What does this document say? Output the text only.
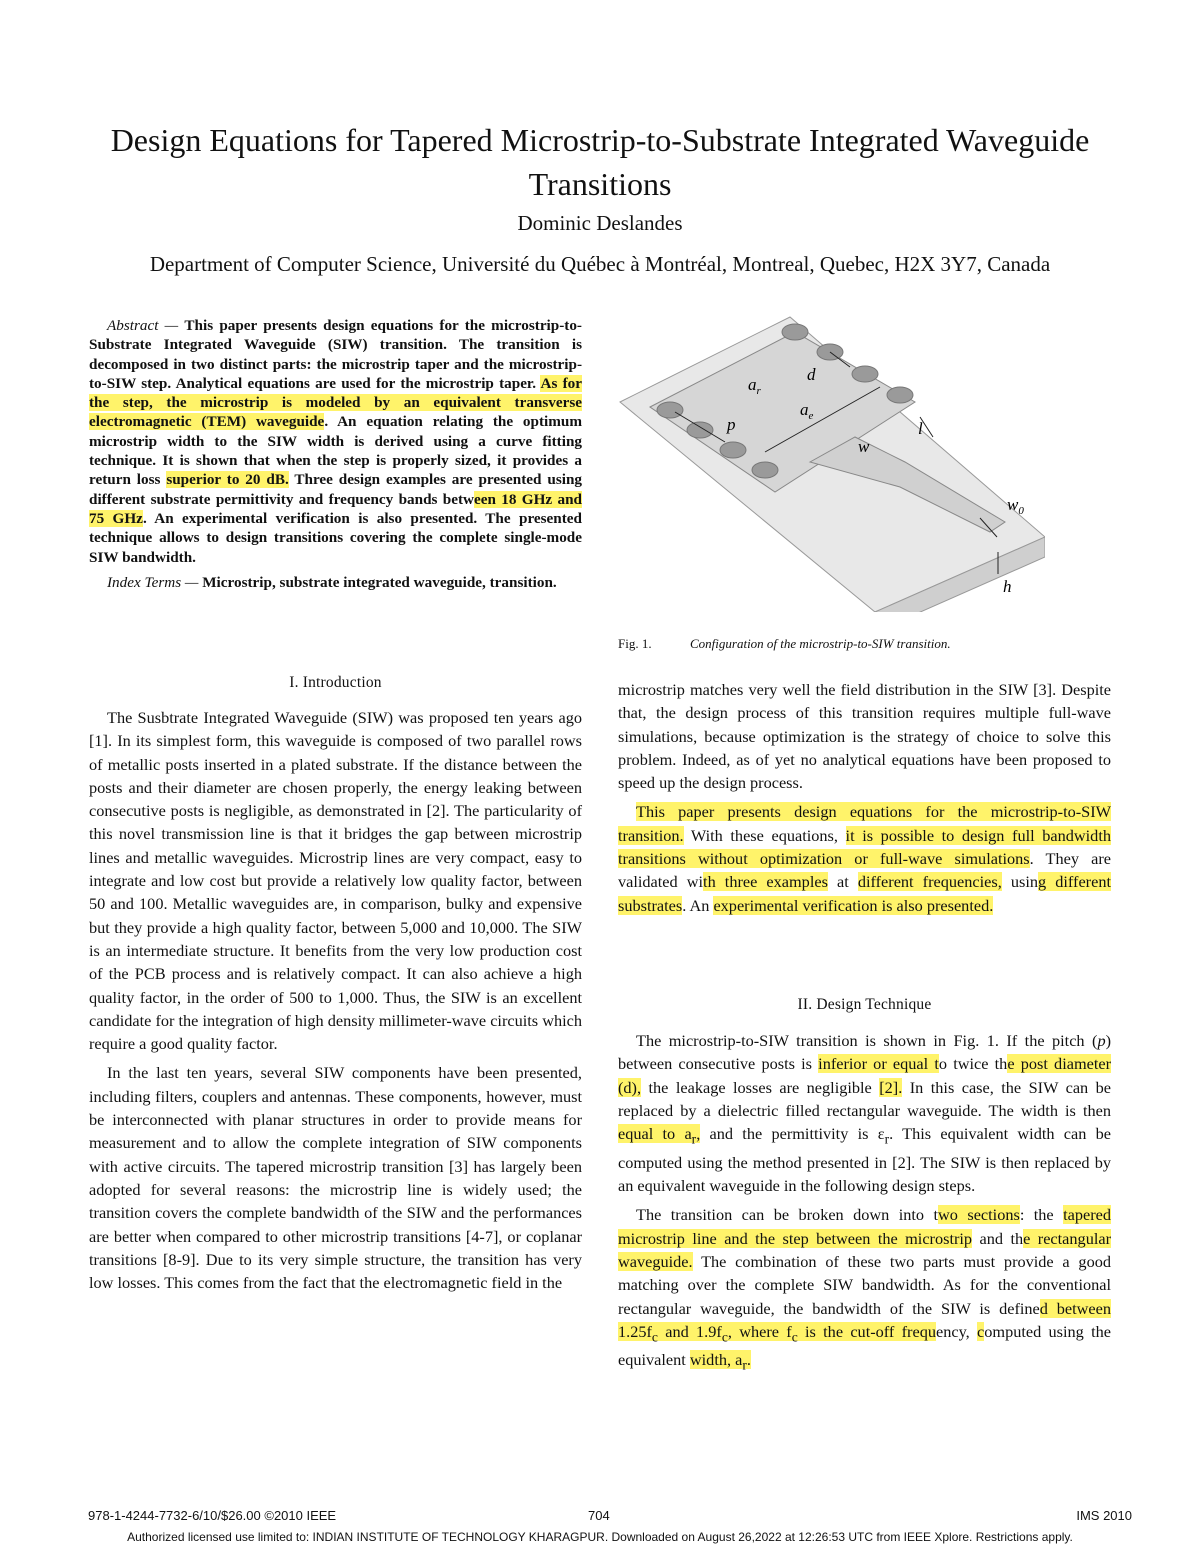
Design Equations for Tapered Microstrip-to-Substrate Integrated Waveguide Transitions
Dominic Deslandes
Department of Computer Science, Université du Québec à Montréal, Montreal, Quebec, H2X 3Y7, Canada

Abstract — This paper presents design equations for the microstrip-to-Substrate Integrated Waveguide (SIW) transition. The transition is decomposed in two distinct parts: the microstrip taper and the microstrip-to-SIW step. Analytical equations are used for the microstrip taper. As for the step, the microstrip is modeled by an equivalent transverse electromagnetic (TEM) waveguide. An equation relating the optimum microstrip width to the SIW width is derived using a curve fitting technique. It is shown that when the step is properly sized, it provides a return loss superior to 20 dB. Three design examples are presented using different substrate permittivity and frequency bands between 18 GHz and 75 GHz. An experimental verification is also presented. The presented technique allows to design transitions covering the complete single-mode SIW bandwidth.

Index Terms — Microstrip, substrate integrated waveguide, transition.

I. Introduction

The Susbtrate Integrated Waveguide (SIW) was proposed ten years ago [1]. In its simplest form, this waveguide is composed of two parallel rows of metallic posts inserted in a plated substrate. If the distance between the posts and their diameter are chosen properly, the energy leaking between consecutive posts is negligible, as demonstrated in [2]. The particularity of this novel transmission line is that it bridges the gap between microstrip lines and metallic waveguides. Microstrip lines are very compact, easy to integrate and low cost but provide a relatively low quality factor, between 50 and 100. Metallic waveguides are, in comparison, bulky and expensive but they provide a high quality factor, between 5,000 and 10,000. The SIW is an intermediate structure. It benefits from the very low production cost of the PCB process and is relatively compact. It can also achieve a high quality factor, in the order of 500 to 1,000. Thus, the SIW is an excellent candidate for the integration of high density millimeter-wave circuits which require a good quality factor.

In the last ten years, several SIW components have been presented, including filters, couplers and antennas. These components, however, must be interconnected with planar structures in order to provide means for measurement and to allow the complete integration of SIW components with active circuits. The tapered microstrip transition [3] has largely been adopted for several reasons: the microstrip line is widely used; the transition covers the complete bandwidth of the SIW and the performances are better when compared to other microstrip transitions [4-7], or coplanar transitions [8-9]. Due to its very simple structure, the transition has very low losses. This comes from the fact that the electromagnetic field in the

$a_r$
d
$a_e$
p	l
w
$w_0$
h
Fig. 1.	Configuration of the microstrip-to-SIW transition.

microstrip matches very well the field distribution in the SIW [3]. Despite that, the design process of this transition requires multiple full-wave simulations, because optimization is the strategy of choice to solve this problem. Indeed, as of yet no analytical equations have been proposed to speed up the design process.

This paper presents design equations for the microstrip-to-SIW transition. With these equations, it is possible to design full bandwidth transitions without optimization or full-wave simulations. They are validated with three examples at different frequencies, using different substrates. An experimental verification is also presented.

II. Design Technique

The microstrip-to-SIW transition is shown in Fig. 1. If the pitch (p) between consecutive posts is inferior or equal to twice the post diameter (d), the leakage losses are negligible [2]. In this case, the SIW can be replaced by a dielectric filled rectangular waveguide. The width is then equal to $a_r$, and the permittivity is $\varepsilon_r$. This equivalent width can be computed using the method presented in [2]. The SIW is then replaced by an equivalent waveguide in the following design steps.

The transition can be broken down into two sections: the tapered microstrip line and the step between the microstrip and the rectangular waveguide. The combination of these two parts must provide a good matching over the complete SIW bandwidth. As for the conventional rectangular waveguide, the bandwidth of the SIW is defined between $1.25f_c$ and $1.9f_c$, where $f_c$ is the cut-off frequency, computed using the equivalent width, $a_r$.

978-1-4244-7732-6/10/$26.00 ©2010 IEEE	704	IMS 2010
Authorized licensed use limited to: INDIAN INSTITUTE OF TECHNOLOGY KHARAGPUR. Downloaded on August 26,2022 at 12:26:53 UTC from IEEE Xplore. Restrictions apply.
